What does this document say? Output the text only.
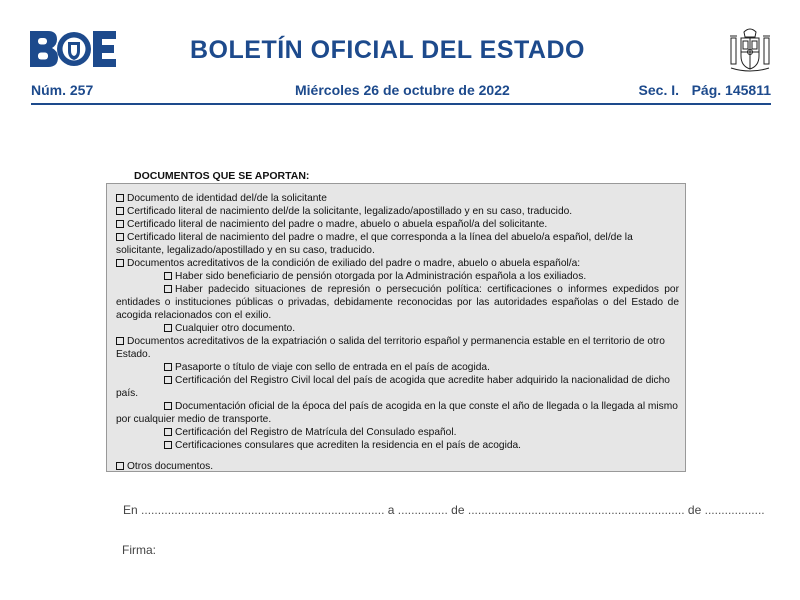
BOLETÍN OFICIAL DEL ESTADO
Núm. 257	Miércoles 26 de octubre de 2022	Sec. I. Pág. 145811
DOCUMENTOS QUE SE APORTAN:
Documento de identidad del/de la solicitante
Certificado literal de nacimiento del/de la solicitante, legalizado/apostillado y en su caso, traducido.
Certificado literal de nacimiento del padre o madre, abuelo o abuela español/a del solicitante.
Certificado literal de nacimiento del padre o madre, el que corresponda a la línea del abuelo/a español, del/de la solicitante, legalizado/apostillado y en su caso, traducido.
Documentos acreditativos de la condición de exiliado del padre o madre, abuelo o abuela español/a:
Haber sido beneficiario de pensión otorgada por la Administración española a los exiliados.
Haber padecido situaciones de represión o persecución política: certificaciones o informes expedidos por entidades o instituciones públicas o privadas, debidamente reconocidas por las autoridades españolas o del Estado de acogida relacionados con el exilio.
Cualquier otro documento.
Documentos acreditativos de la expatriación o salida del territorio español y permanencia estable en el territorio de otro Estado.
Pasaporte o título de viaje con sello de entrada en el país de acogida.
Certificación del Registro Civil local del país de acogida que acredite haber adquirido la nacionalidad de dicho país.
Documentación oficial de la época del país de acogida en la que conste el año de llegada o la llegada al mismo por cualquier medio de transporte.
Certificación del Registro de Matrícula del Consulado español.
Certificaciones consulares que acrediten la residencia en el país de acogida.
Otros documentos.
En ......................................................................... a ............... de ................................................................. de ..................
Firma:
